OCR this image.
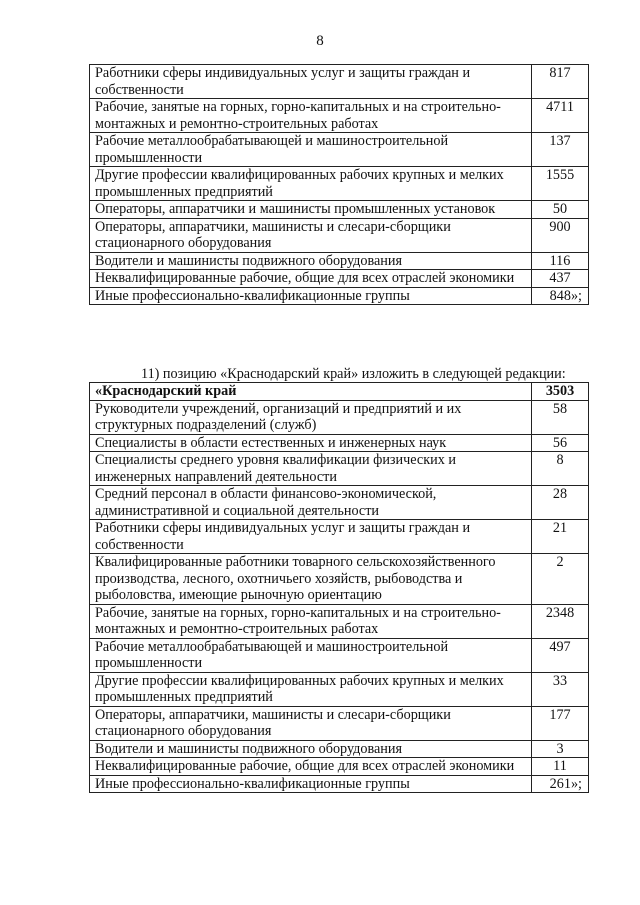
8
Работники сферы индивидуальных услуг и защиты граждан и собственности	817
Рабочие, занятые на горных, горно-капитальных и на строительно-монтажных и ремонтно-строительных работах	4711
Рабочие металлообрабатывающей и машиностроительной промышленности	137
Другие профессии квалифицированных рабочих крупных и мелких промышленных предприятий	1555
Операторы, аппаратчики и машинисты промышленных установок	50
Операторы, аппаратчики, машинисты и слесари-сборщики стационарного оборудования	900
Водители и машинисты подвижного оборудования	116
Неквалифицированные рабочие, общие для всех отраслей экономики	437
Иные профессионально-квалификационные группы	848»;
11) позицию «Краснодарский край» изложить в следующей редакции:
«Краснодарский край	3503
Руководители учреждений, организаций и предприятий и их структурных подразделений (служб)	58
Специалисты в области естественных и инженерных наук	56
Специалисты среднего уровня квалификации физических и инженерных направлений деятельности	8
Средний персонал в области финансово-экономической, административной и социальной деятельности	28
Работники сферы индивидуальных услуг и защиты граждан и собственности	21
Квалифицированные работники товарного сельскохозяйственного производства, лесного, охотничьего хозяйств, рыбоводства и рыболовства, имеющие рыночную ориентацию	2
Рабочие, занятые на горных, горно-капитальных и на строительно-монтажных и ремонтно-строительных работах	2348
Рабочие металлообрабатывающей и машиностроительной промышленности	497
Другие профессии квалифицированных рабочих крупных и мелких промышленных предприятий	33
Операторы, аппаратчики, машинисты и слесари-сборщики стационарного оборудования	177
Водители и машинисты подвижного оборудования	3
Неквалифицированные рабочие, общие для всех отраслей экономики	11
Иные профессионально-квалификационные группы	261»;
